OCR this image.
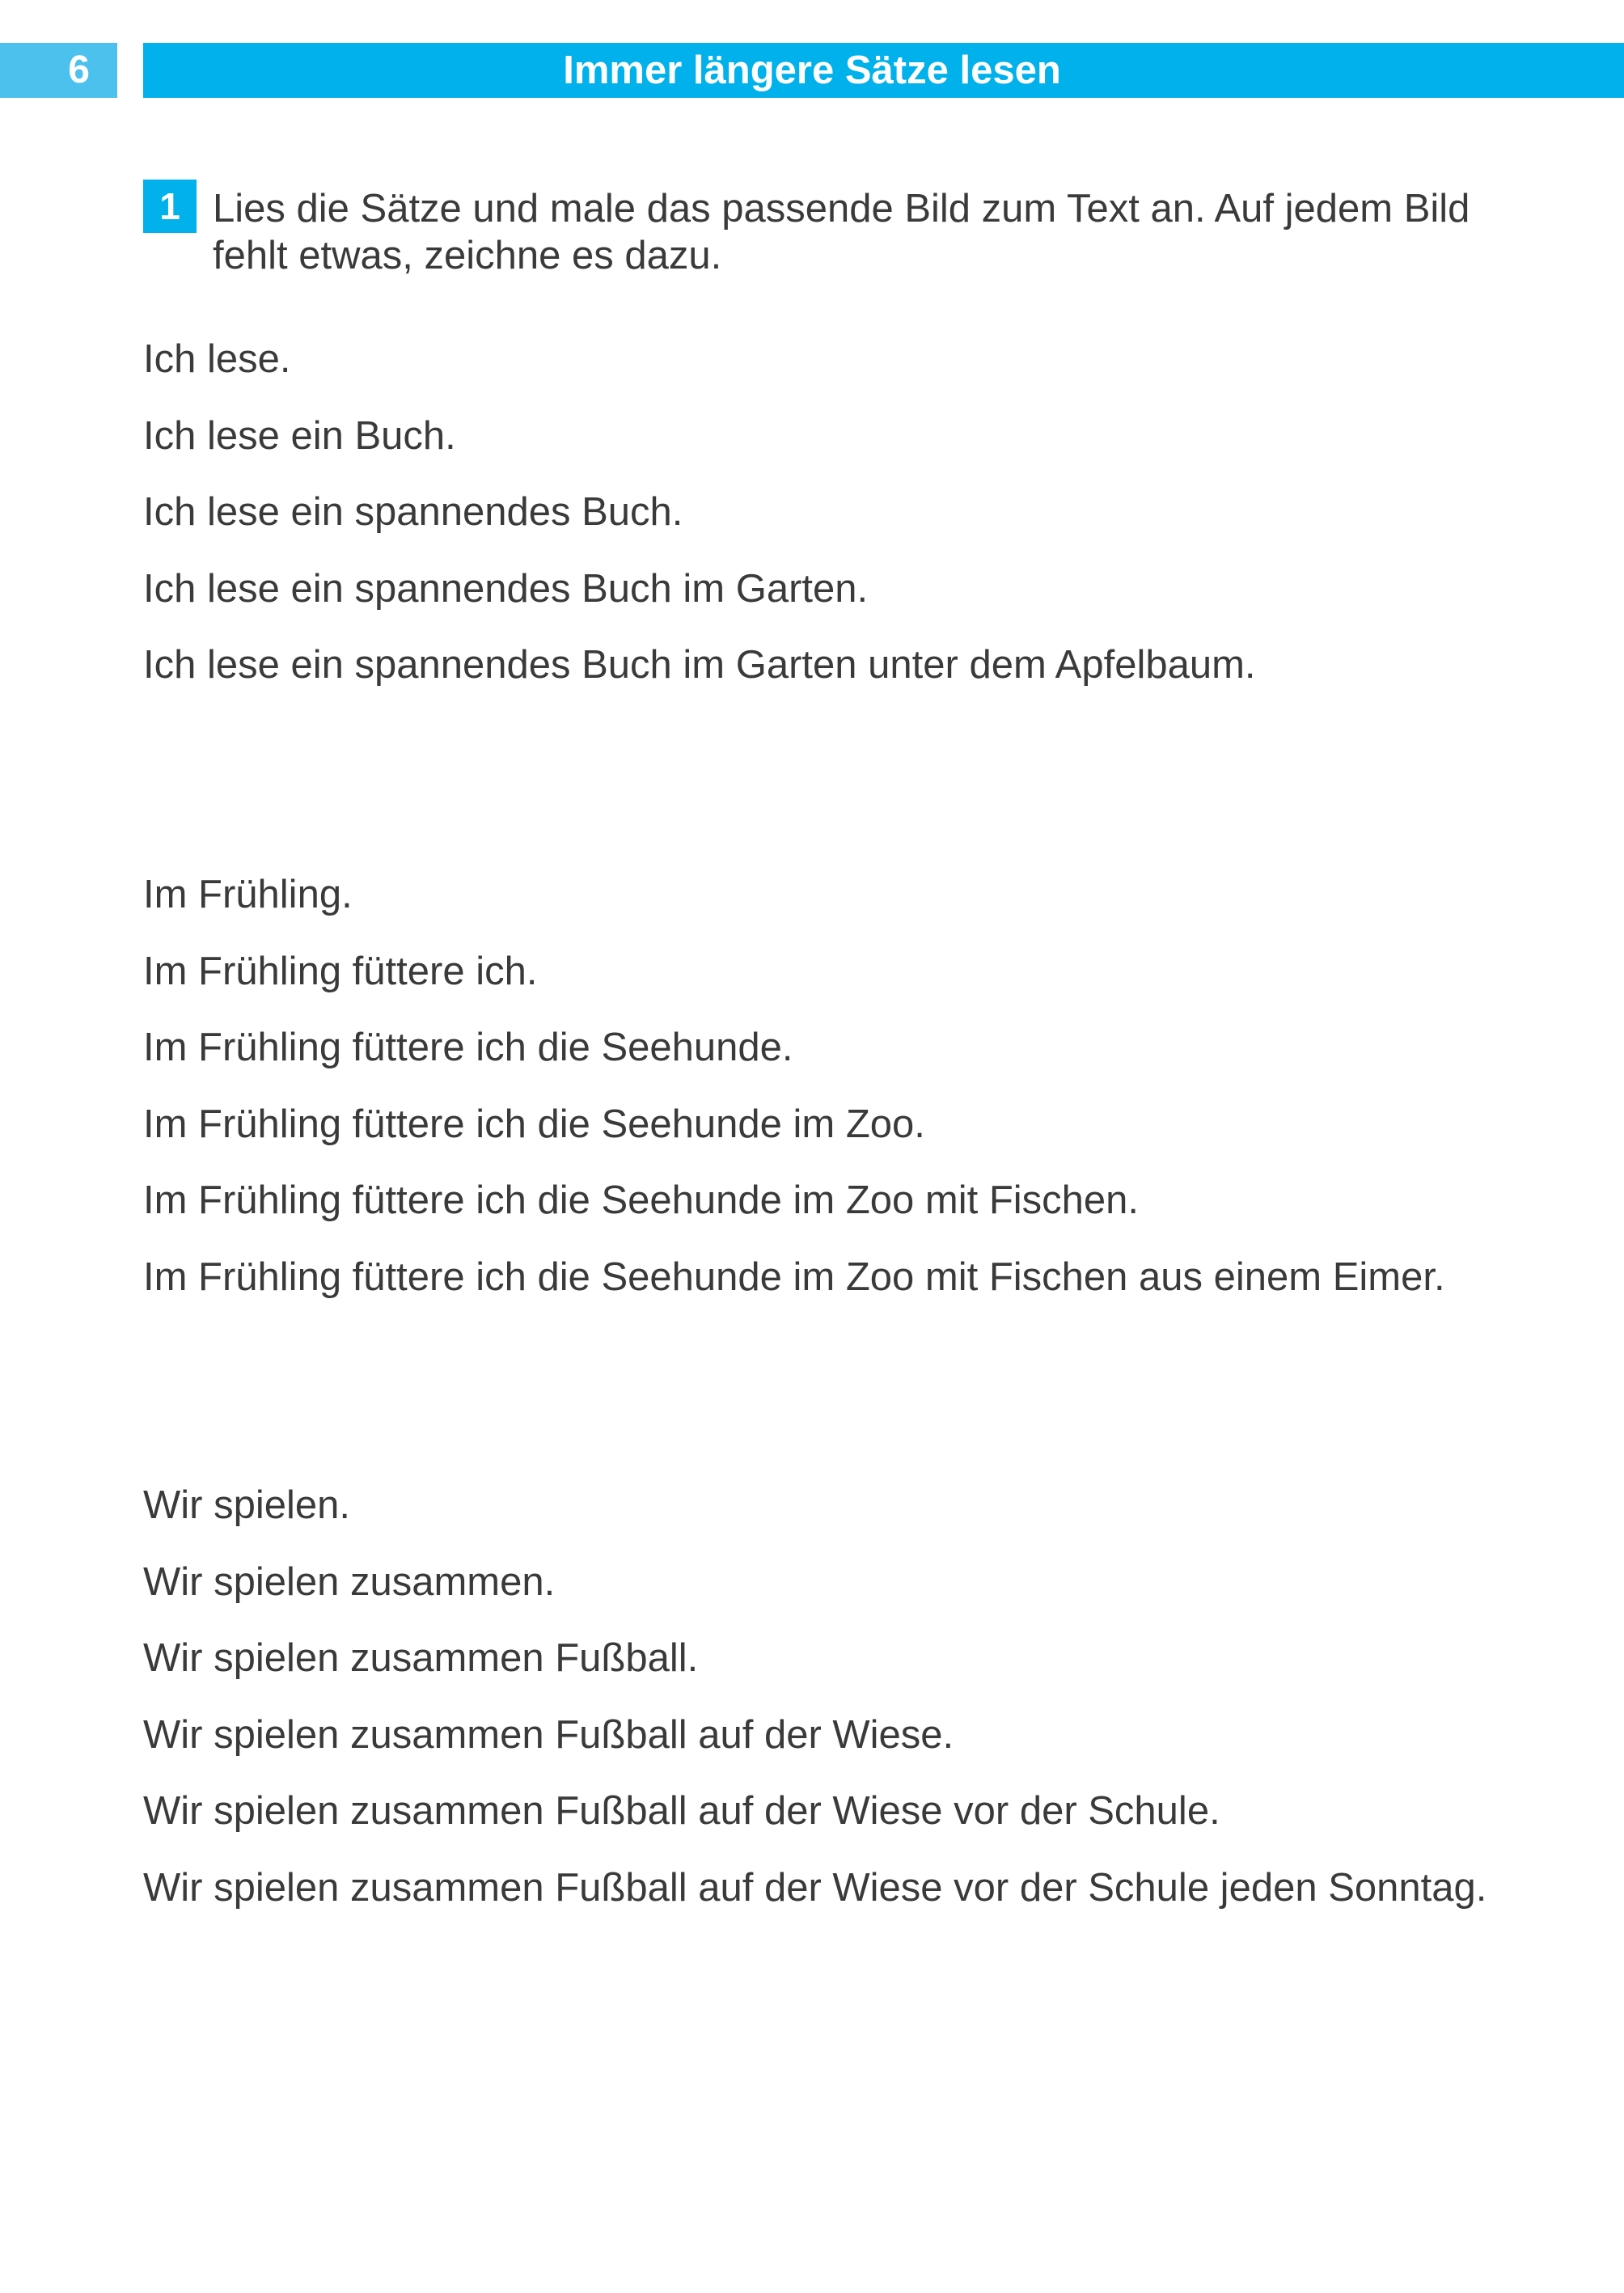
6	Immer längere Sätze lesen
1 Lies die Sätze und male das passende Bild zum Text an. Auf jedem Bild
fehlt etwas, zeichne es dazu.
Ich lese.
Ich lese ein Buch.
Ich lese ein spannendes Buch.
Ich lese ein spannendes Buch im Garten.
Ich lese ein spannendes Buch im Garten unter dem Apfelbaum.
Im Frühling.
Im Frühling füttere ich.
Im Frühling füttere ich die Seehunde.
Im Frühling füttere ich die Seehunde im Zoo.
Im Frühling füttere ich die Seehunde im Zoo mit Fischen.
Im Frühling füttere ich die Seehunde im Zoo mit Fischen aus einem Eimer.
Wir spielen.
Wir spielen zusammen.
Wir spielen zusammen Fußball.
Wir spielen zusammen Fußball auf der Wiese.
Wir spielen zusammen Fußball auf der Wiese vor der Schule.
Wir spielen zusammen Fußball auf der Wiese vor der Schule jeden Sonntag.
